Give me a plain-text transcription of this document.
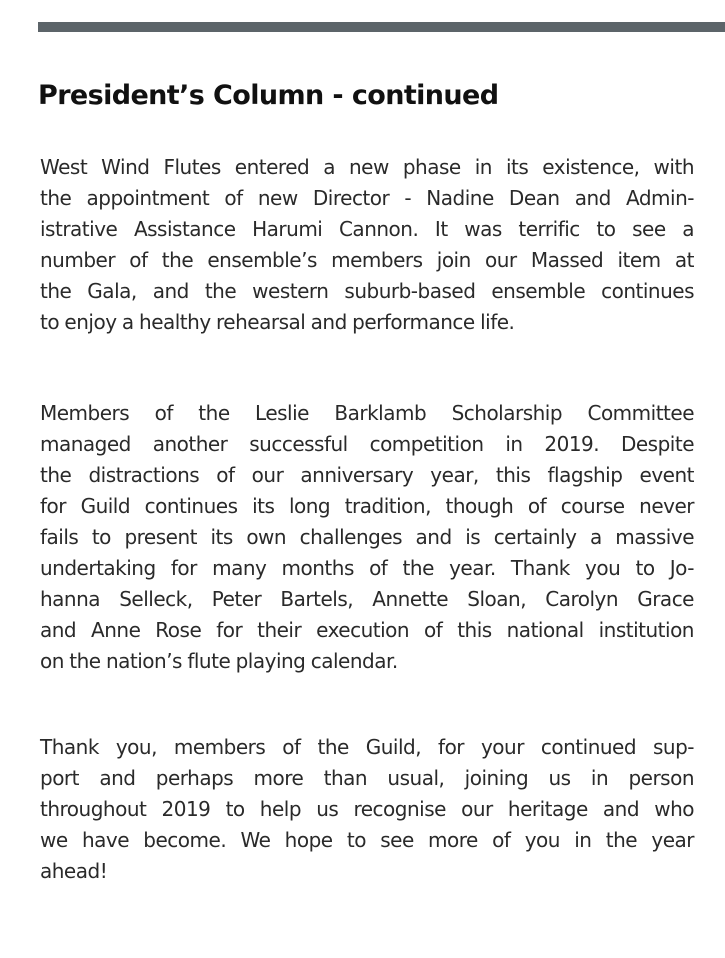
President’s Column - continued
West Wind Flutes entered a new phase in its existence, with
the appointment of new Director - Nadine Dean and Admin-
istrative Assistance Harumi Cannon. It was terrific to see a
number of the ensemble’s members join our Massed item at
the Gala, and the western suburb-based ensemble continues
to enjoy a healthy rehearsal and performance life.
Members of the Leslie Barklamb Scholarship Committee
managed another successful competition in 2019. Despite
the distractions of our anniversary year, this flagship event
for Guild continues its long tradition, though of course never
fails to present its own challenges and is certainly a massive
undertaking for many months of the year. Thank you to Jo-
hanna Selleck, Peter Bartels, Annette Sloan, Carolyn Grace
and Anne Rose for their execution of this national institution
on the nation’s flute playing calendar.
Thank you, members of the Guild, for your continued sup-
port and perhaps more than usual, joining us in person
throughout 2019 to help us recognise our heritage and who
we have become. We hope to see more of you in the year
ahead!
